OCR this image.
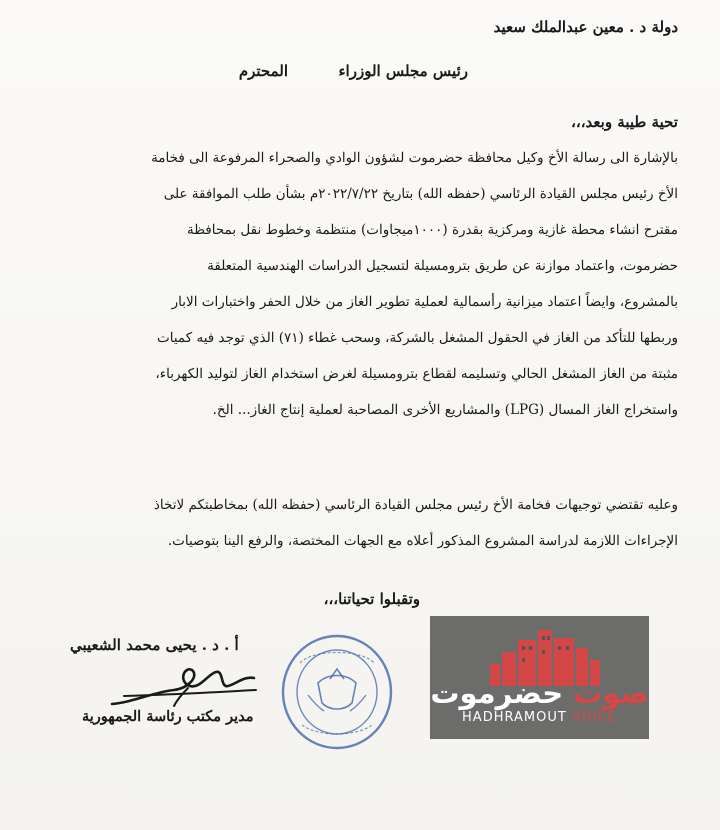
دولة د . معين عبدالملك سعيد
رئيس مجلس الوزراء
المحترم
تحية طيبة وبعد،،،
بالإشارة الى رسالة الأخ وكيل محافظة حضرموت لشؤون الوادي والصحراء المرفوعة الى فخامة
الأخ رئيس مجلس القيادة الرئاسي (حفظه الله) بتاريخ ٢٠٢٢/٧/٢٢م بشأن طلب الموافقة على
مقترح انشاء محطة غازية ومركزية بقدرة (١٠٠٠ميجاوات) منتظمة وخطوط نقل بمحافظة
حضرموت، واعتماد موازنة عن طريق بترومسيلة لتسجيل الدراسات الهندسية المتعلقة
بالمشروع، وايضاً اعتماد ميزانية رأسمالية لعملية تطوير الغاز من خلال الحفر واختبارات الابار
وربطها للتأكد من الغاز في الحقول المشغل بالشركة، وسحب غطاء (٧١) الذي توجد فيه كميات
مثبتة من الغاز المشغل الحالي وتسليمه لقطاع بترومسيلة لغرض استخدام الغاز لتوليد الكهرباء،
واستخراج الغاز المسال (LPG) والمشاريع الأخرى المصاحبة لعملية إنتاج الغاز... الخ.
وعليه تقتضي توجيهات فخامة الأخ رئيس مجلس القيادة الرئاسي (حفظه الله) بمخاطبتكم لاتخاذ
الإجراءات اللازمة لدراسة المشروع المذكور أعلاه مع الجهات المختصة، والرفع الينا بتوصيات.
وتقبلوا تحياتنا،،،
أ . د . يحيى محمد الشعيبي
مدير مكتب رئاسة الجمهورية
صوت حضرموت
HADHRAMOUT VOICE
